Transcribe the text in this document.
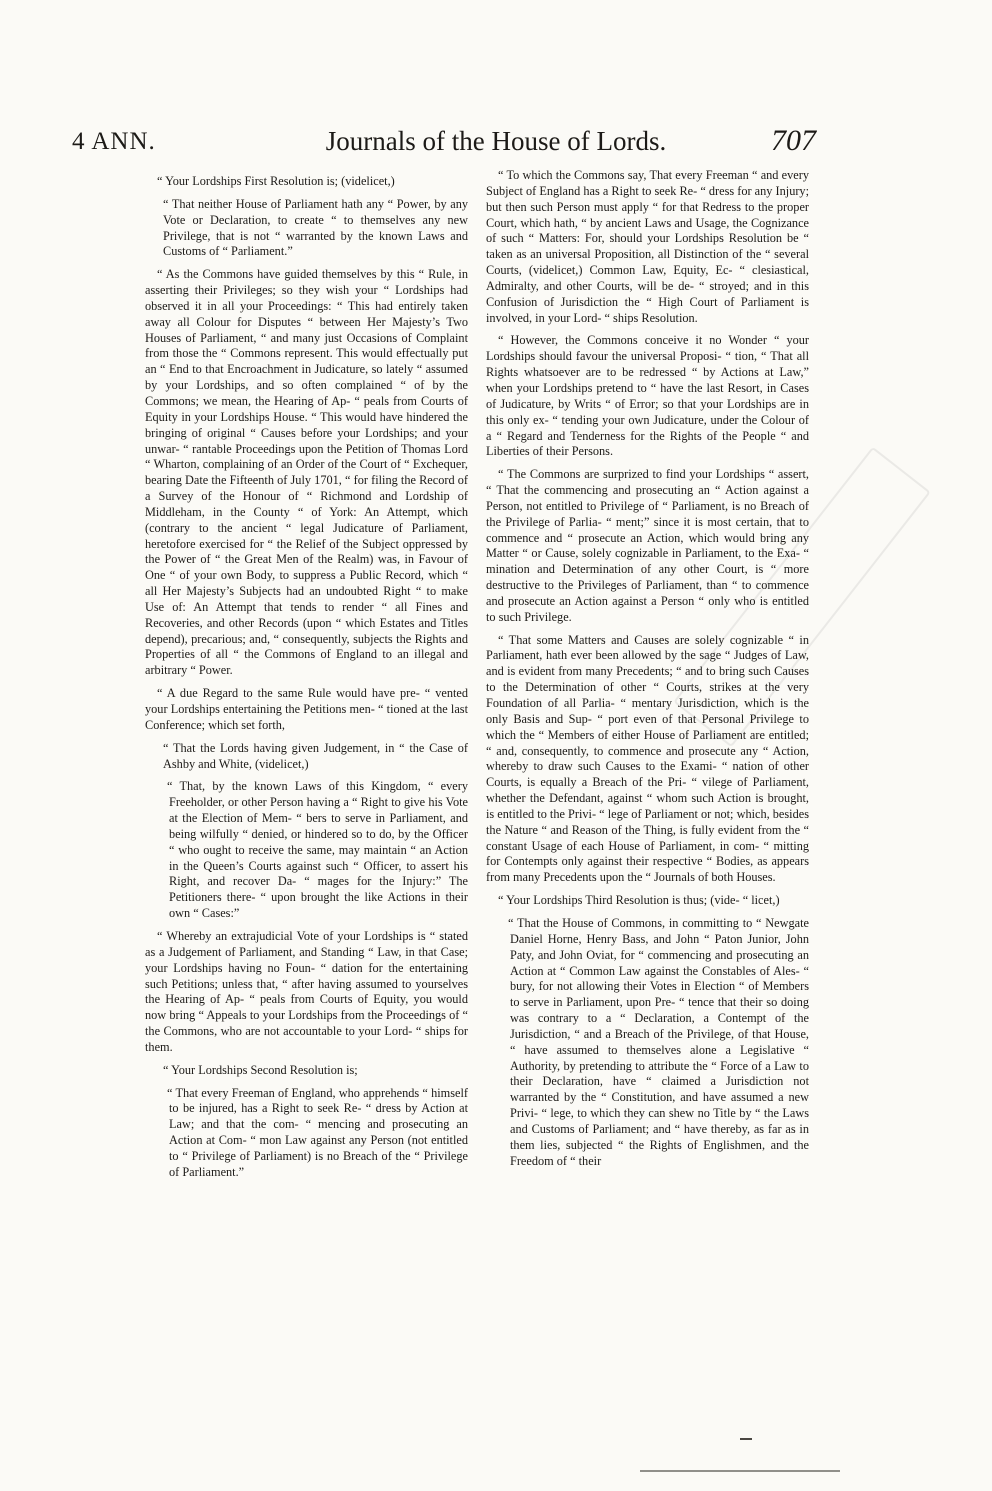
4 ANN.	Journals of the House of Lords.	707

“ Your Lordships First Resolution is; (videlicet,)

“ That neither House of Parliament hath any “ Power, by any Vote or Declaration, to create “ to themselves any new Privilege, that is not “ warranted by the known Laws and Customs of “ Parliament.”

“ As the Commons have guided themselves by this “ Rule, in asserting their Privileges; so they wish your “ Lordships had observed it in all your Proceedings: “ This had entirely taken away all Colour for Disputes “ between Her Majesty’s Two Houses of Parliament, “ and many just Occasions of Complaint from those the “ Commons represent. This would effectually put an “ End to that Encroachment in Judicature, so lately “ assumed by your Lordships, and so often complained “ of by the Commons; we mean, the Hearing of Ap- “ peals from Courts of Equity in your Lordships House. “ This would have hindered the bringing of original “ Causes before your Lordships; and your unwar- “ rantable Proceedings upon the Petition of Thomas Lord “ Wharton, complaining of an Order of the Court of “ Exchequer, bearing Date the Fifteenth of July 1701, “ for filing the Record of a Survey of the Honour of “ Richmond and Lordship of Middleham, in the County “ of York: An Attempt, which (contrary to the ancient “ legal Judicature of Parliament, heretofore exercised for “ the Relief of the Subject oppressed by the Power of “ the Great Men of the Realm) was, in Favour of One “ of your own Body, to suppress a Public Record, which “ all Her Majesty’s Subjects had an undoubted Right “ to make Use of: An Attempt that tends to render “ all Fines and Recoveries, and other Records (upon “ which Estates and Titles depend), precarious; and, “ consequently, subjects the Rights and Properties of all “ the Commons of England to an illegal and arbitrary “ Power.

“ A due Regard to the same Rule would have pre- “ vented your Lordships entertaining the Petitions men- “ tioned at the last Conference; which set forth,

“ That the Lords having given Judgement, in “ the Case of Ashby and White, (videlicet,)

“ That, by the known Laws of this Kingdom, “ every Freeholder, or other Person having a “ Right to give his Vote at the Election of Mem- “ bers to serve in Parliament, and being wilfully “ denied, or hindered so to do, by the Officer “ who ought to receive the same, may maintain “ an Action in the Queen’s Courts against such “ Officer, to assert his Right, and recover Da- “ mages for the Injury:” The Petitioners there- “ upon brought the like Actions in their own “ Cases:”

“ Whereby an extrajudicial Vote of your Lordships is “ stated as a Judgement of Parliament, and Standing “ Law, in that Case; your Lordships having no Foun- “ dation for the entertaining such Petitions; unless that, “ after having assumed to yourselves the Hearing of Ap- “ peals from Courts of Equity, you would now bring “ Appeals to your Lordships from the Proceedings of “ the Commons, who are not accountable to your Lord- “ ships for them.

“ Your Lordships Second Resolution is;

“ That every Freeman of England, who apprehends “ himself to be injured, has a Right to seek Re- “ dress by Action at Law; and that the com- “ mencing and prosecuting an Action at Com- “ mon Law against any Person (not entitled to “ Privilege of Parliament) is no Breach of the “ Privilege of Parliament.”

“ To which the Commons say, That every Freeman “ and every Subject of England has a Right to seek Re- “ dress for any Injury; but then such Person must apply “ for that Redress to the proper Court, which hath, “ by ancient Laws and Usage, the Cognizance of such “ Matters: For, should your Lordships Resolution be “ taken as an universal Proposition, all Distinction of the “ several Courts, (videlicet,) Common Law, Equity, Ec- “ clesiastical, Admiralty, and other Courts, will be de- “ stroyed; and in this Confusion of Jurisdiction the “ High Court of Parliament is involved, in your Lord- “ ships Resolution.

“ However, the Commons conceive it no Wonder “ your Lordships should favour the universal Proposi- “ tion, “ That all Rights whatsoever are to be redressed “ by Actions at Law,” when your Lordships pretend to “ have the last Resort, in Cases of Judicature, by Writs “ of Error; so that your Lordships are in this only ex- “ tending your own Judicature, under the Colour of a “ Regard and Tenderness for the Rights of the People “ and Liberties of their Persons.

“ The Commons are surprized to find your Lordships “ assert, “ That the commencing and prosecuting an “ Action against a Person, not entitled to Privilege of “ Parliament, is no Breach of the Privilege of Parlia- “ ment;” since it is most certain, that to commence and “ prosecute an Action, which would bring any Matter “ or Cause, solely cognizable in Parliament, to the Exa- “ mination and Determination of any other Court, is “ more destructive to the Privileges of Parliament, than “ to commence and prosecute an Action against a Person “ only who is entitled to such Privilege.

“ That some Matters and Causes are solely cognizable “ in Parliament, hath ever been allowed by the sage “ Judges of Law, and is evident from many Precedents; “ and to bring such Causes to the Determination of other “ Courts, strikes at the very Foundation of all Parlia- “ mentary Jurisdiction, which is the only Basis and Sup- “ port even of that Personal Privilege to which the “ Members of either House of Parliament are entitled; “ and, consequently, to commence and prosecute any “ Action, whereby to draw such Causes to the Exami- “ nation of other Courts, is equally a Breach of the Pri- “ vilege of Parliament, whether the Defendant, against “ whom such Action is brought, is entitled to the Privi- “ lege of Parliament or not; which, besides the Nature “ and Reason of the Thing, is fully evident from the “ constant Usage of each House of Parliament, in com- “ mitting for Contempts only against their respective “ Bodies, as appears from many Precedents upon the “ Journals of both Houses.

“ Your Lordships Third Resolution is thus; (vide- “ licet,)

“ That the House of Commons, in committing to “ Newgate Daniel Horne, Henry Bass, and John “ Paton Junior, John Paty, and John Oviat, for “ commencing and prosecuting an Action at “ Common Law against the Constables of Ales- “ bury, for not allowing their Votes in Election “ of Members to serve in Parliament, upon Pre- “ tence that their so doing was contrary to a “ Declaration, a Contempt of the Jurisdiction, “ and a Breach of the Privilege, of that House, “ have assumed to themselves alone a Legislative “ Authority, by pretending to attribute the “ Force of a Law to their Declaration, have “ claimed a Jurisdiction not warranted by the “ Constitution, and have assumed a new Privi- “ lege, to which they can shew no Title by “ the Laws and Customs of Parliament; and “ have thereby, as far as in them lies, subjected “ the Rights of Englishmen, and the Freedom of “ their
